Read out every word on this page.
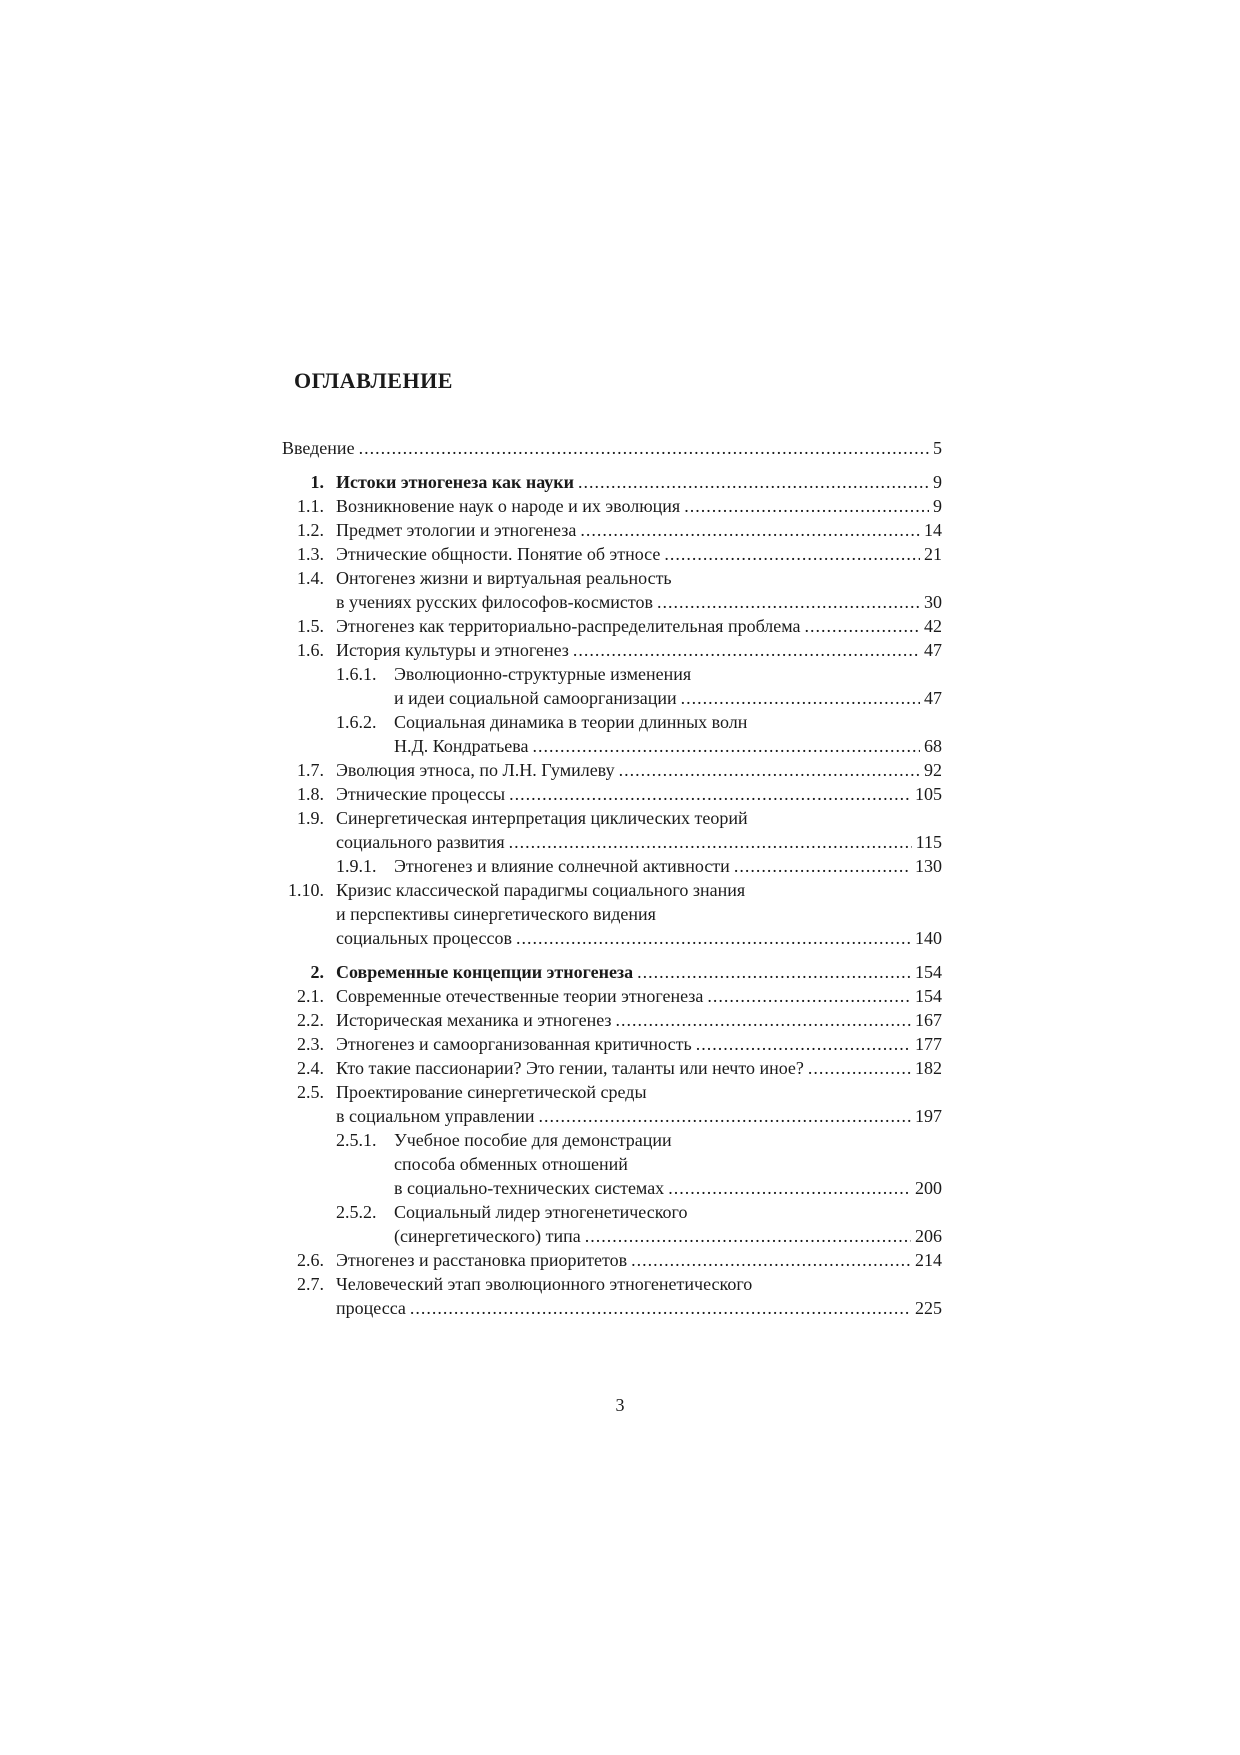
ОГЛАВЛЕНИЕ
Введение .....	5
1. Истоки этногенеза как науки .....	9
1.1. Возникновение наук о народе и их эволюция .....	9
1.2. Предмет этологии и этногенеза .....	14
1.3. Этнические общности. Понятие об этносе .....	21
1.4. Онтогенез жизни и виртуальная реальность
в учениях русских философов-космистов .....	30
1.5. Этногенез как территориально-распределительная проблема .....	42
1.6. История культуры и этногенез .....	47
1.6.1. Эволюционно-структурные изменения
и идеи социальной самоорганизации .....	47
1.6.2. Социальная динамика в теории длинных волн
Н.Д. Кондратьева .....	68
1.7. Эволюция этноса, по Л.Н. Гумилеву .....	92
1.8. Этнические процессы .....	105
1.9. Синергетическая интерпретация циклических теорий
социального развития .....	115
1.9.1. Этногенез и влияние солнечной активности .....	130
1.10. Кризис классической парадигмы социального знания
и перспективы синергетического видения
социальных процессов .....	140
2. Современные концепции этногенеза .....	154
2.1. Современные отечественные теории этногенеза .....	154
2.2. Историческая механика и этногенез .....	167
2.3. Этногенез и самоорганизованная критичность .....	177
2.4. Кто такие пассионарии? Это гении, таланты или нечто иное? .....	182
2.5. Проектирование синергетической среды
в социальном управлении .....	197
2.5.1. Учебное пособие для демонстрации
способа обменных отношений
в социально-технических системах .....	200
2.5.2. Социальный лидер этногенетического
(синергетического) типа .....	206
2.6. Этногенез и расстановка приоритетов .....	214
2.7. Человеческий этап эволюционного этногенетического
процесса .....	225
3
